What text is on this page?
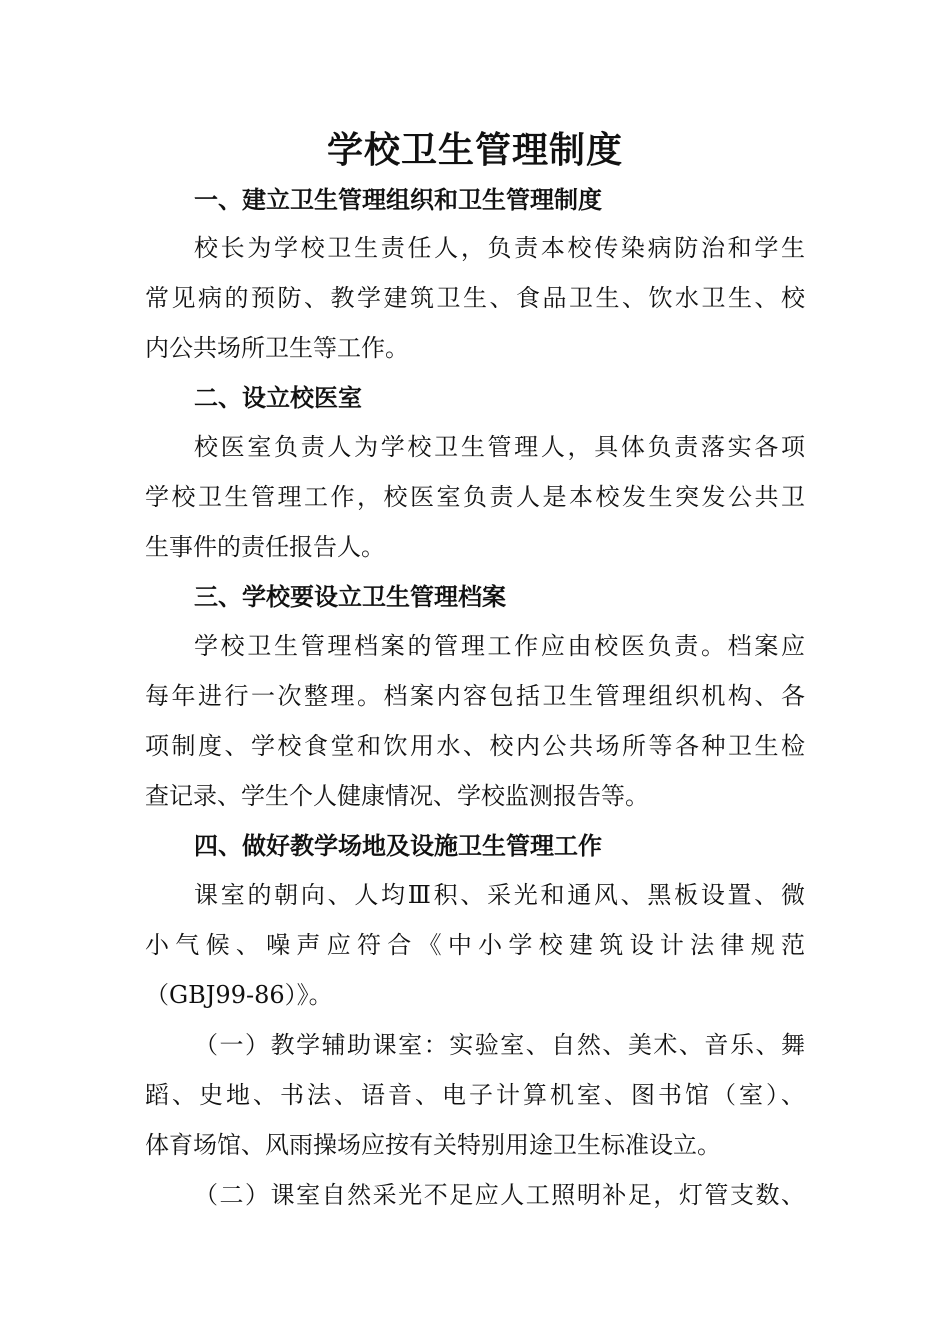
学校卫生管理制度
一、建立卫生管理组织和卫生管理制度
校长为学校卫生责任人，负责本校传染病防治和学生
常见病的预防、教学建筑卫生、食品卫生、饮水卫生、校
内公共场所卫生等工作。
二、设立校医室
校医室负责人为学校卫生管理人，具体负责落实各项
学校卫生管理工作，校医室负责人是本校发生突发公共卫
生事件的责任报告人。
三、学校要设立卫生管理档案
学校卫生管理档案的管理工作应由校医负责。档案应
每年进行一次整理。档案内容包括卫生管理组织机构、各
项制度、学校食堂和饮用水、校内公共场所等各种卫生检
查记录、学生个人健康情况、学校监测报告等。
四、做好教学场地及设施卫生管理工作
课室的朝向、人均Ⅲ积、采光和通风、黑板设置、微
小气候、噪声应符合《中小学校建筑设计法律规范
（GBJ99-86）》。
（一）教学辅助课室：实验室、自然、美术、音乐、舞
蹈、史地、书法、语音、电子计算机室、图书馆（室）、
体育场馆、风雨操场应按有关特别用途卫生标准设立。
（二）课室自然采光不足应人工照明补足，灯管支数、
